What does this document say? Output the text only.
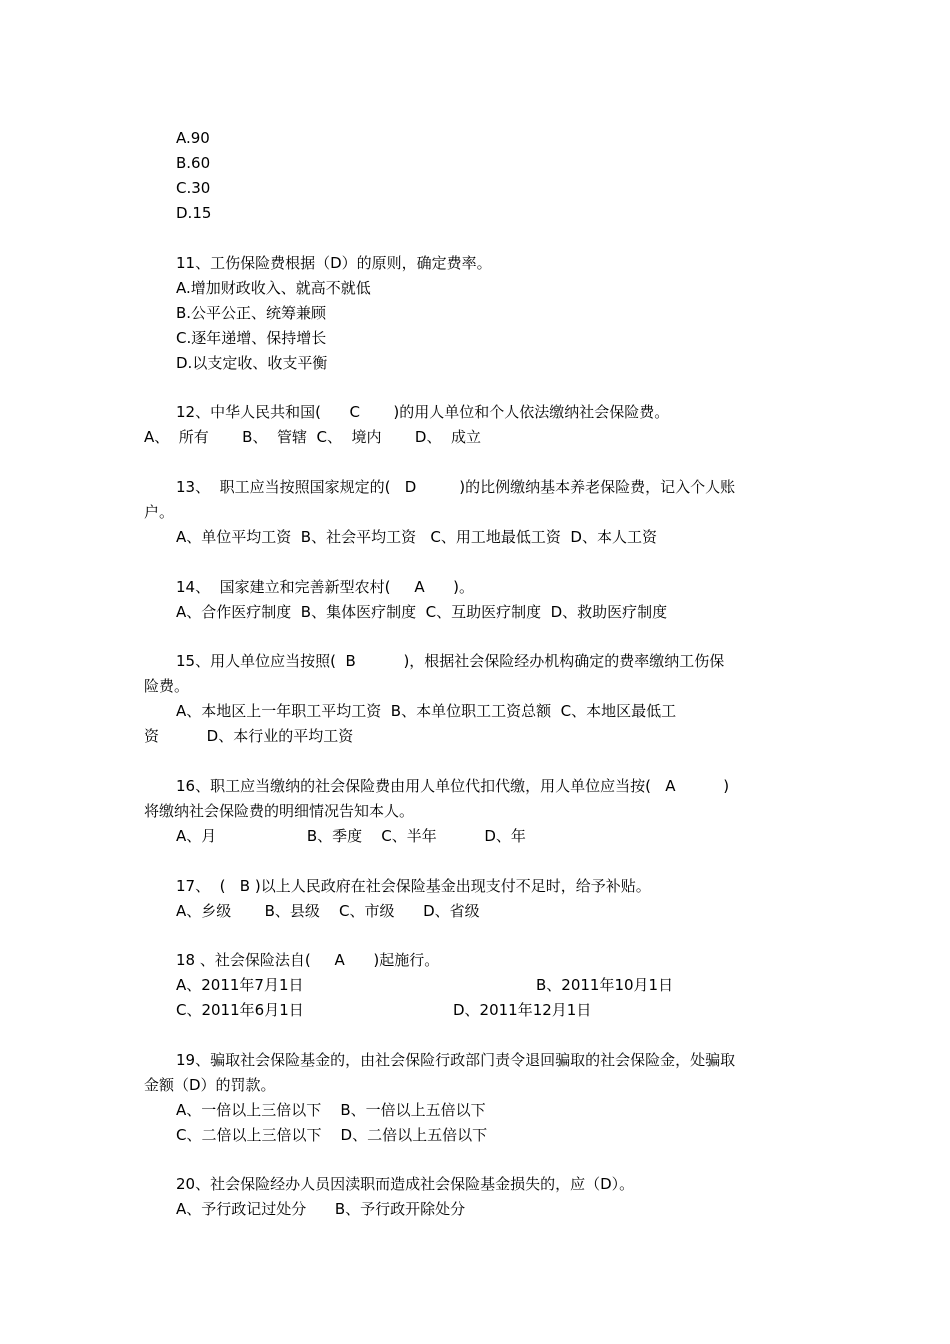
A.90
B.60
C.30
D.15
11、工伤保险费根据（D）的原则，确定费率。
A.增加财政收入、就高不就低
B.公平公正、统筹兼顾
C.逐年递增、保持增长
D.以支定收、收支平衡
12、中华人民共和国(      C       )的用人单位和个人依法缴纳社会保险费。
A、  所有       B、  管辖  C、  境内       D、  成立
13、  职工应当按照国家规定的(   D         )的比例缴纳基本养老保险费，记入个人账
户。
A、单位平均工资  B、社会平均工资   C、用工地最低工资  D、本人工资
14、  国家建立和完善新型农村(     A      )。
A、合作医疗制度  B、集体医疗制度  C、互助医疗制度  D、救助医疗制度
15、用人单位应当按照(  B          )，根据社会保险经办机构确定的费率缴纳工伤保
险费。
A、本地区上一年职工平均工资  B、本单位职工工资总额  C、本地区最低工
资          D、本行业的平均工资
16、职工应当缴纳的社会保险费由用人单位代扣代缴，用人单位应当按(   A          )
将缴纳社会保险费的明细情况告知本人。
A、月                   B、季度    C、半年          D、年
17、  (   B )以上人民政府在社会保险基金出现支付不足时，给予补贴。
A、乡级       B、县级    C、市级      D、省级
18 、社会保险法自(     A      )起施行。
A、2011年7月1日	B、2011年10月1日
C、2011年6月1日	D、2011年12月1日
19、骗取社会保险基金的，由社会保险行政部门责令退回骗取的社会保险金，处骗取
金额（D）的罚款。
A、一倍以上三倍以下    B、一倍以上五倍以下
C、二倍以上三倍以下    D、二倍以上五倍以下
20、社会保险经办人员因渎职而造成社会保险基金损失的，应（D）。
A、予行政记过处分      B、予行政开除处分
